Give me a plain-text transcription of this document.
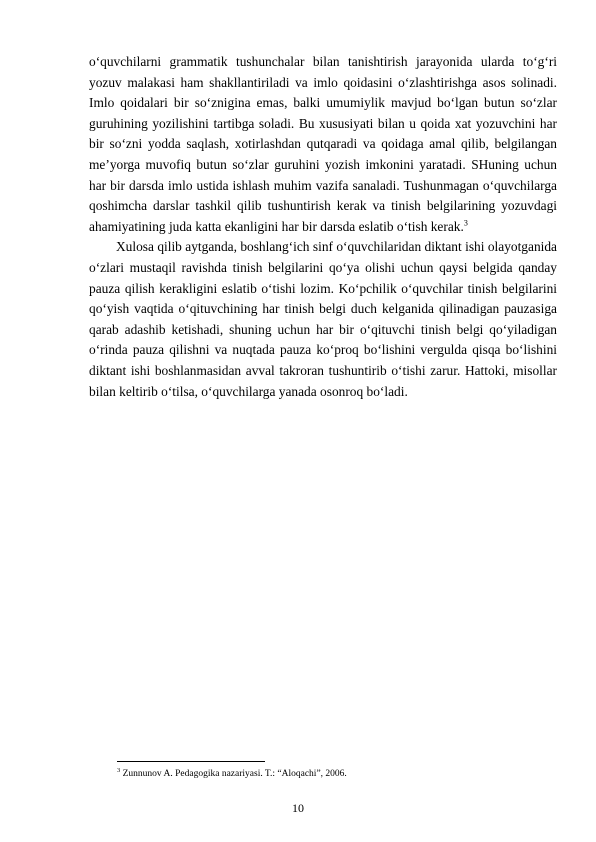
o‘quvchilarni grammatik tushunchalar bilan tanishtirish jarayonida ularda to‘g‘ri yozuv malakasi ham shakllantiriladi va imlo qoidasini o‘zlashtirishga asos solinadi. Imlo qoidalari bir so‘znigina emas, balki umumiylik mavjud bo‘lgan butun so‘zlar guruhining yozilishini tartibga soladi. Bu xususiyati bilan u qoida xat yozuvchini har bir so‘zni yodda saqlash, xotirlashdan qutqaradi va qoidaga amal qilib, belgilangan me’yorga muvofiq butun so‘zlar guruhini yozish imkonini yaratadi. SHuning uchun har bir darsda imlo ustida ishlash muhim vazifa sanaladi. Tushunmagan o‘quvchilarga qoshimcha darslar tashkil qilib tushuntirish kerak va tinish belgilarining yozuvdagi ahamiyatining juda katta ekanligini har bir darsda eslatib o‘tish kerak.$^3$

Xulosa qilib aytganda, boshlang‘ich sinf o‘quvchilaridan diktant ishi olayotganida o‘zlari mustaqil ravishda tinish belgilarini qo‘ya olishi uchun qaysi belgida qanday pauza qilish kerakligini eslatib o‘tishi lozim. Ko‘pchilik o‘quvchilar tinish belgilarini qo‘yish vaqtida o‘qituvchining har tinish belgi duch kelganida qilinadigan pauzasiga qarab adashib ketishadi, shuning uchun har bir o‘qituvchi tinish belgi qo‘yiladigan o‘rinda pauza qilishni va nuqtada pauza ko‘proq bo‘lishini vergulda qisqa bo‘lishini diktant ishi boshlanmasidan avval takroran tushuntirib o‘tishi zarur. Hattoki, misollar bilan keltirib o‘tilsa, o‘quvchilarga yanada osonroq bo‘ladi.

$^3$ Zunnunov A. Pedagogika nazariyasi. T.: “Aloqachi”, 2006.
10
